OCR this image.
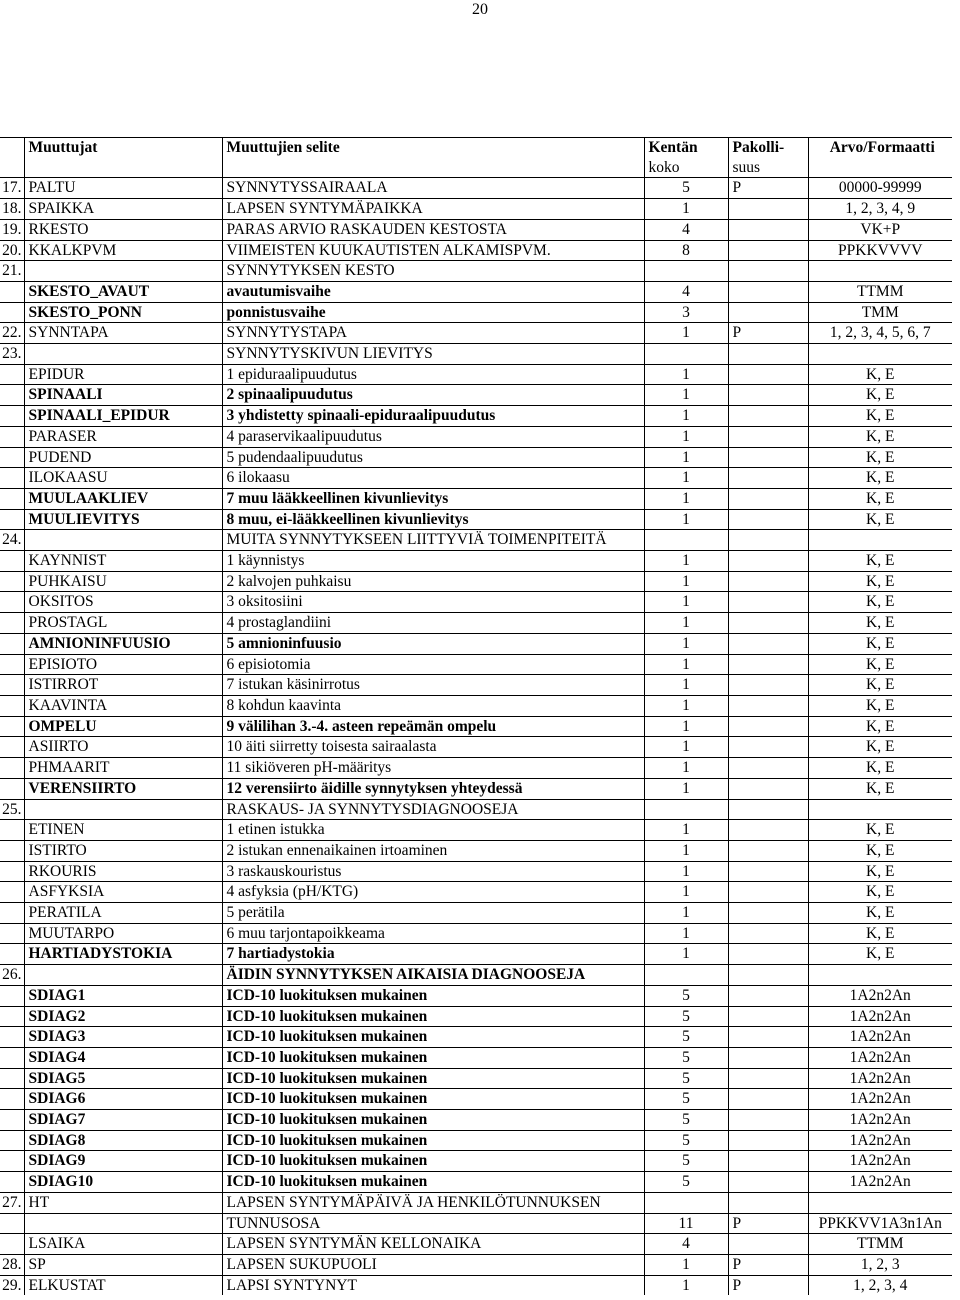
20
	Muuttujat	Muuttujien selite	Kentän	Pakolli-	Arvo/Formaatti
			koko	suus	
17.	PALTU	SYNNYTYSSAIRAALA	5	P	00000-99999
18.	SPAIKKA	LAPSEN SYNTYMÄPAIKKA	1		1, 2, 3, 4, 9
19.	RKESTO	PARAS ARVIO RASKAUDEN KESTOSTA	4		VK+P
20.	KKALKPVM	VIIMEISTEN KUUKAUTISTEN ALKAMISPVM.	8		PPKKVVVV
21.		SYNNYTYKSEN KESTO			
	SKESTO_AVAUT	avautumisvaihe	4		TTMM
	SKESTO_PONN	ponnistusvaihe	3		TMM
22.	SYNNTAPA	SYNNYTYSTAPA	1	P	1, 2, 3, 4, 5, 6, 7
23.		SYNNYTYSKIVUN LIEVITYS			
	EPIDUR	1 epiduraalipuudutus	1		K, E
	SPINAALI	2 spinaalipuudutus	1		K, E
	SPINAALI_EPIDUR	3 yhdistetty spinaali-epiduraalipuudutus	1		K, E
	PARASER	4 paraservikaalipuudutus	1		K, E
	PUDEND	5 pudendaalipuudutus	1		K, E
	ILOKAASU	6 ilokaasu	1		K, E
	MUULAAKLIEV	7 muu lääkkeellinen kivunlievitys	1		K, E
	MUULIEVITYS	8 muu, ei-lääkkeellinen kivunlievitys	1		K, E
24.		MUITA SYNNYTYKSEEN LIITTYVIÄ TOIMENPITEITÄ			
	KAYNNIST	1 käynnistys	1		K, E
	PUHKAISU	2 kalvojen puhkaisu	1		K, E
	OKSITOS	3 oksitosiini	1		K, E
	PROSTAGL	4 prostaglandiini	1		K, E
	AMNIONINFUUSIO	5 amnioninfuusio	1		K, E
	EPISIOTO	6 episiotomia	1		K, E
	ISTIRROT	7 istukan käsinirrotus	1		K, E
	KAAVINTA	8 kohdun kaavinta	1		K, E
	OMPELU	9 välilihan 3.-4. asteen repeämän ompelu	1		K, E
	ASIIRTO	10 äiti siirretty toisesta sairaalasta	1		K, E
	PHMAARIT	11 sikiöveren pH-määritys	1		K, E
	VERENSIIRTO	12 verensiirto äidille synnytyksen yhteydessä	1		K, E
25.		RASKAUS- JA SYNNYTYSDIAGNOOSEJA			
	ETINEN	1 etinen istukka	1		K, E
	ISTIRTO	2 istukan ennenaikainen irtoaminen	1		K, E
	RKOURIS	3 raskauskouristus	1		K, E
	ASFYKSIA	4 asfyksia (pH/KTG)	1		K, E
	PERATILA	5 perätila	1		K, E
	MUUTARPO	6 muu tarjontapoikkeama	1		K, E
	HARTIADYSTOKIA	7 hartiadystokia	1		K, E
26.		ÄIDIN SYNNYTYKSEN AIKAISIA DIAGNOOSEJA			
	SDIAG1	ICD-10 luokituksen mukainen	5		1A2n2An
	SDIAG2	ICD-10 luokituksen mukainen	5		1A2n2An
	SDIAG3	ICD-10 luokituksen mukainen	5		1A2n2An
	SDIAG4	ICD-10 luokituksen mukainen	5		1A2n2An
	SDIAG5	ICD-10 luokituksen mukainen	5		1A2n2An
	SDIAG6	ICD-10 luokituksen mukainen	5		1A2n2An
	SDIAG7	ICD-10 luokituksen mukainen	5		1A2n2An
	SDIAG8	ICD-10 luokituksen mukainen	5		1A2n2An
	SDIAG9	ICD-10 luokituksen mukainen	5		1A2n2An
	SDIAG10	ICD-10 luokituksen mukainen	5		1A2n2An
27.	HT	LAPSEN SYNTYMÄPÄIVÄ JA HENKILÖTUNNUKSEN			
		TUNNUSOSA	11	P	PPKKVV1A3n1An
	LSAIKA	LAPSEN SYNTYMÄN KELLONAIKA	4		TTMM
28.	SP	LAPSEN SUKUPUOLI	1	P	1, 2, 3
29.	ELKUSTAT	LAPSI SYNTYNYT	1	P	1, 2, 3, 4
